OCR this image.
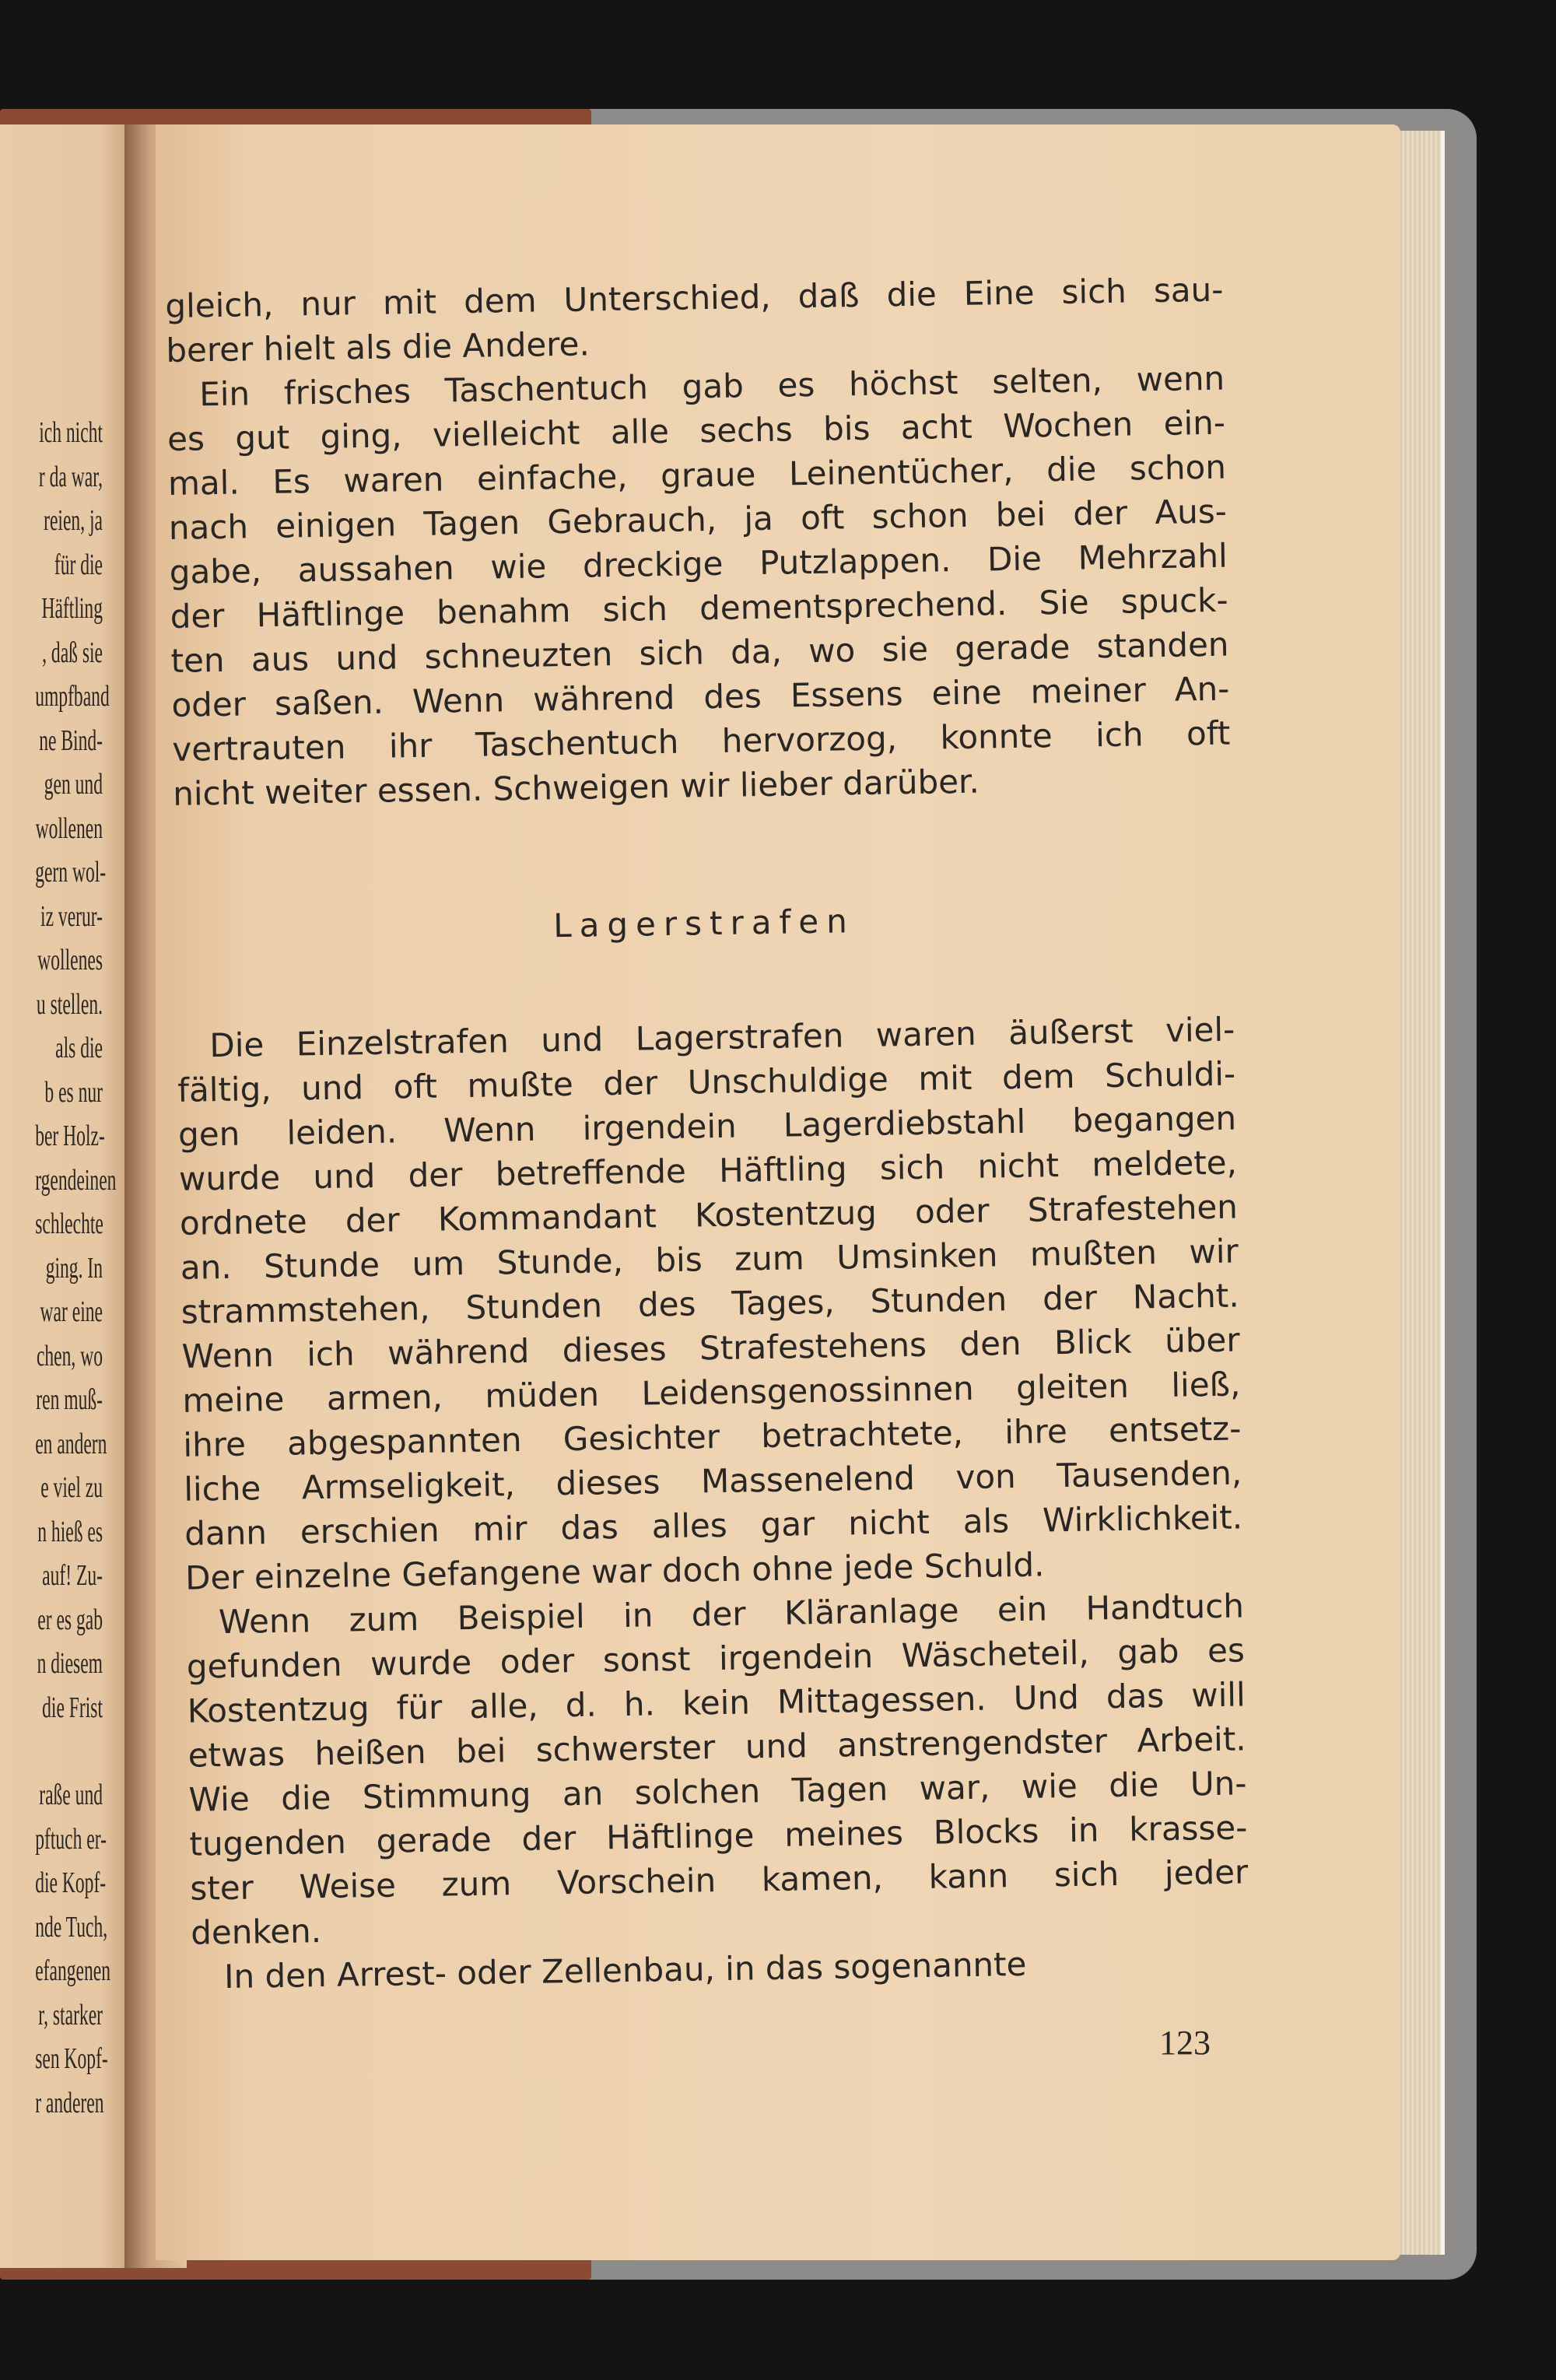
ich nicht
r da war,
reien, ja
für die
Häftling
, daß sie
umpfband
ne Bind-
gen und
wollenen
gern wol-
iz verur-
wollenes
u stellen.
als die
b es nur
ber Holz-
rgendeinen
schlechte
ging. In
war eine
chen, wo
ren muß-
en andern
e viel zu
n hieß es
auf! Zu-
er es gab
n diesem
die Frist
raße und
pftuch er-
die Kopf-
nde Tuch,
efangenen
r, starker
sen Kopf-
r anderen
gleich, nur mit dem Unterschied, daß die Eine sich sau-
berer hielt als die Andere.
Ein frisches Taschentuch gab es höchst selten, wenn
es gut ging, vielleicht alle sechs bis acht Wochen ein-
mal. Es waren einfache, graue Leinentücher, die schon
nach einigen Tagen Gebrauch, ja oft schon bei der Aus-
gabe, aussahen wie dreckige Putzlappen. Die Mehrzahl
der Häftlinge benahm sich dementsprechend. Sie spuck-
ten aus und schneuzten sich da, wo sie gerade standen
oder saßen. Wenn während des Essens eine meiner An-
vertrauten ihr Taschentuch hervorzog, konnte ich oft
nicht weiter essen. Schweigen wir lieber darüber.
Lagerstrafen
Die Einzelstrafen und Lagerstrafen waren äußerst viel-
fältig, und oft mußte der Unschuldige mit dem Schuldi-
gen leiden. Wenn irgendein Lagerdiebstahl begangen
wurde und der betreffende Häftling sich nicht meldete,
ordnete der Kommandant Kostentzug oder Strafestehen
an. Stunde um Stunde, bis zum Umsinken mußten wir
strammstehen, Stunden des Tages, Stunden der Nacht.
Wenn ich während dieses Strafestehens den Blick über
meine armen, müden Leidensgenossinnen gleiten ließ,
ihre abgespannten Gesichter betrachtete, ihre entsetz-
liche Armseligkeit, dieses Massenelend von Tausenden,
dann erschien mir das alles gar nicht als Wirklichkeit.
Der einzelne Gefangene war doch ohne jede Schuld.
Wenn zum Beispiel in der Kläranlage ein Handtuch
gefunden wurde oder sonst irgendein Wäscheteil, gab es
Kostentzug für alle, d. h. kein Mittagessen. Und das will
etwas heißen bei schwerster und anstrengendster Arbeit.
Wie die Stimmung an solchen Tagen war, wie die Un-
tugenden gerade der Häftlinge meines Blocks in krasse-
ster Weise zum Vorschein kamen, kann sich jeder
denken.
In den Arrest- oder Zellenbau, in das sogenannte
123
